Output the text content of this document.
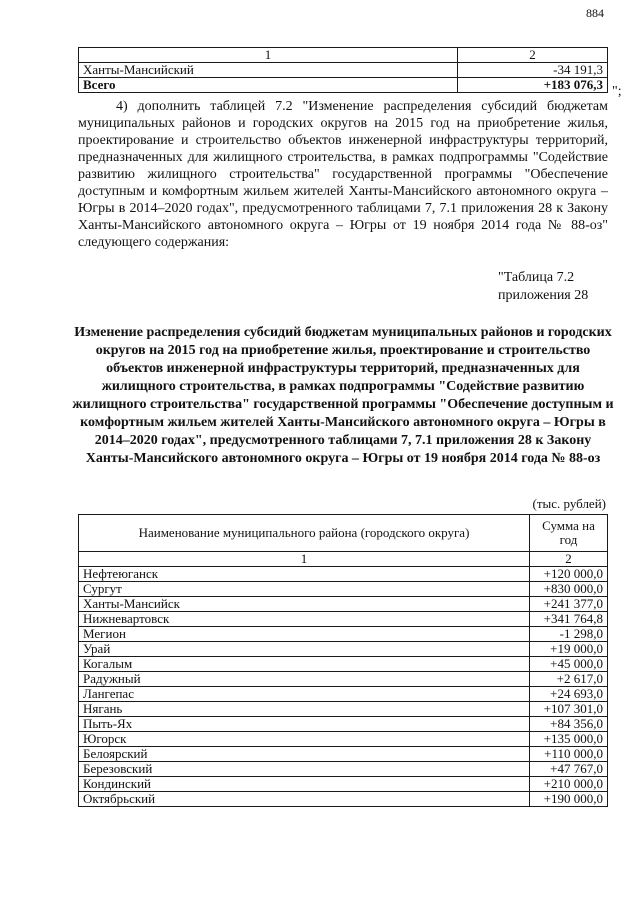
884
1	2
Ханты-Мансийский	-34 191,3
Всего	+183 076,3 ";

4) дополнить таблицей 7.2 "Изменение распределения субсидий бюджетам муниципальных районов и городских округов на 2015 год на приобретение жилья, проектирование и строительство объектов инженерной инфраструктуры территорий, предназначенных для жилищного строительства, в рамках подпрограммы "Содействие развитию жилищного строительства" государственной программы "Обеспечение доступным и комфортным жильем жителей Ханты-Мансийского автономного округа – Югры в 2014–2020 годах", предусмотренного таблицами 7, 7.1 приложения 28 к Закону Ханты-Мансийского автономного округа – Югры от 19 ноября 2014 года № 88-оз" следующего содержания:

"Таблица 7.2
приложения 28

Изменение распределения субсидий бюджетам муниципальных районов и городских округов на 2015 год на приобретение жилья, проектирование и строительство объектов инженерной инфраструктуры территорий, предназначенных для жилищного строительства, в рамках подпрограммы "Содействие развитию жилищного строительства" государственной программы "Обеспечение доступным и комфортным жильем жителей Ханты-Мансийского автономного округа – Югры в 2014–2020 годах", предусмотренного таблицами 7, 7.1 приложения 28 к Закону Ханты-Мансийского автономного округа – Югры от 19 ноября 2014 года № 88-оз

(тыс. рублей)
Наименование муниципального района (городского округа)	Сумма на год
1	2
Нефтеюганск	+120 000,0
Сургут	+830 000,0
Ханты-Мансийск	+241 377,0
Нижневартовск	+341 764,8
Мегион	-1 298,0
Урай	+19 000,0
Когалым	+45 000,0
Радужный	+2 617,0
Лангепас	+24 693,0
Нягань	+107 301,0
Пыть-Ях	+84 356,0
Югорск	+135 000,0
Белоярский	+110 000,0
Березовский	+47 767,0
Кондинский	+210 000,0
Октябрьский	+190 000,0
